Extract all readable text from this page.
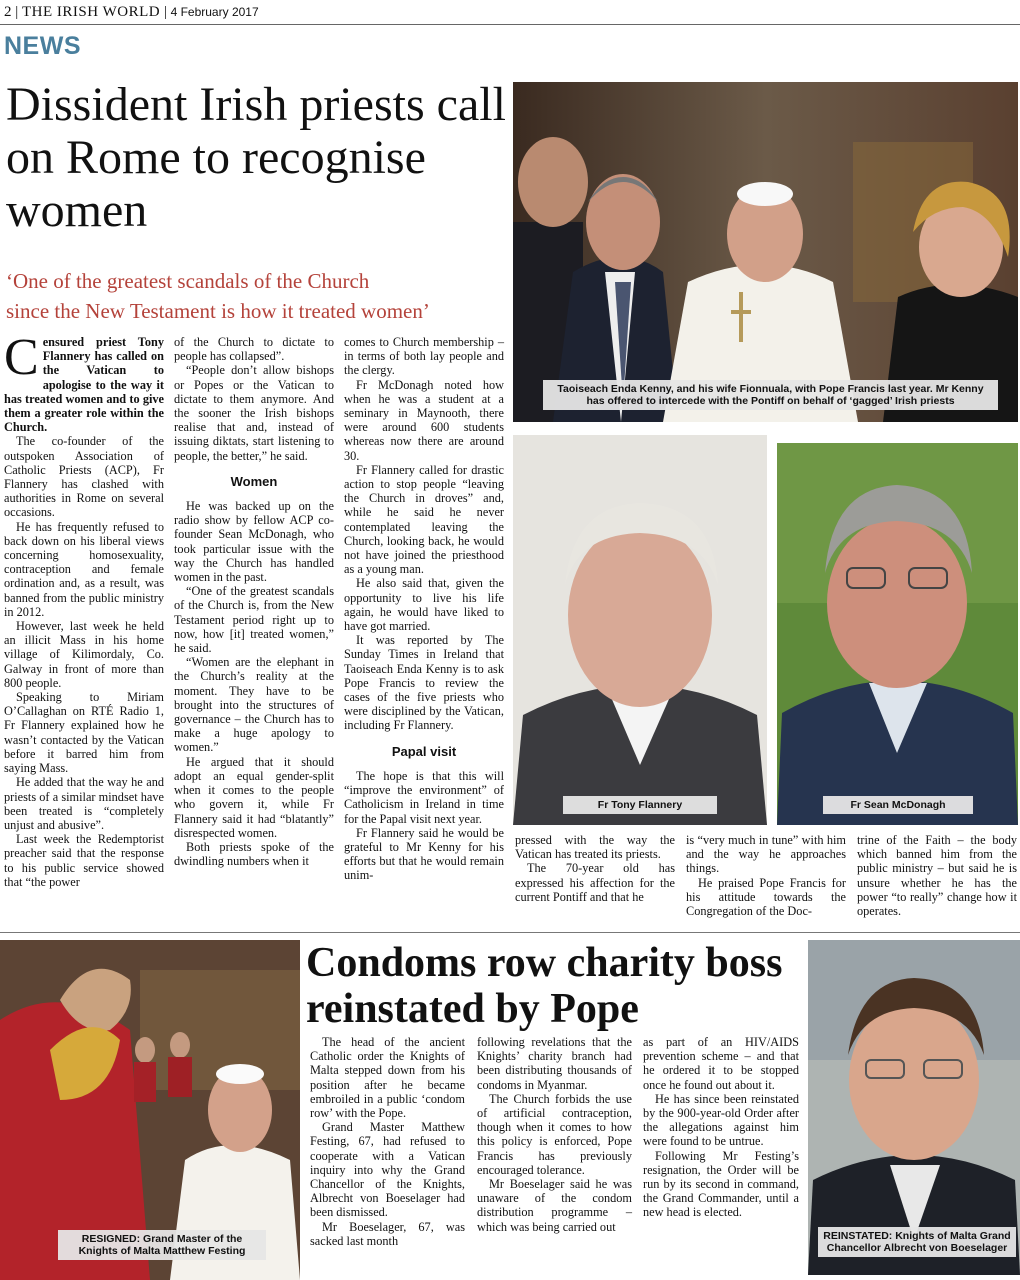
2 | THE IRISH WORLD | 4 February 2017
NEWS
Dissident Irish priests call on Rome to recognise women
‘One of the greatest scandals of the Church
since the New Testament is how it treated women’
Taoiseach Enda Kenny, and his wife Fionnuala, with Pope Francis last year. Mr Kenny has offered to intercede with the Pontiff on behalf of ‘gagged’ Irish priests
Fr Tony Flannery	Fr Sean McDonagh

Censured priest Tony Flannery has called on the Vatican to apologise to the way it has treated women and to give them a greater role within the Church.

The co-founder of the outspoken Association of Catholic Priests (ACP), Fr Flannery has clashed with authorities in Rome on several occasions.

He has frequently refused to back down on his liberal views concerning homosexuality, contraception and female ordination and, as a result, was banned from the public ministry in 2012.

However, last week he held an illicit Mass in his home village of Kilimordaly, Co. Galway in front of more than 800 people.

Speaking to Miriam O’Callaghan on RTÉ Radio 1, Fr Flannery explained how he wasn’t contacted by the Vatican before it barred him from saying Mass.

He added that the way he and priests of a similar mindset have been treated is “completely unjust and abusive”.

Last week the Redemptorist preacher said that the response to his public service showed that “the power

of the Church to dictate to people has collapsed”.

“People don’t allow bishops or Popes or the Vatican to dictate to them anymore. And the sooner the Irish bishops realise that and, instead of issuing diktats, start listening to people, the better,” he said.

Women

He was backed up on the radio show by fellow ACP co-founder Sean McDonagh, who took particular issue with the way the Church has handled women in the past.

“One of the greatest scandals of the Church is, from the New Testament period right up to now, how [it] treated women,” he said.

“Women are the elephant in the Church’s reality at the moment. They have to be brought into the structures of governance – the Church has to make a huge apology to women.”

He argued that it should adopt an equal gender-split when it comes to the people who govern it, while Fr Flannery said it had “blatantly” disrespected women.

Both priests spoke of the dwindling numbers when it

comes to Church membership – in terms of both lay people and the clergy.

Fr McDonagh noted how when he was a student at a seminary in Maynooth, there were around 600 students whereas now there are around 30.

Fr Flannery called for drastic action to stop people “leaving the Church in droves” and, while he said he never contemplated leaving the Church, looking back, he would not have joined the priesthood as a young man.

He also said that, given the opportunity to live his life again, he would have liked to have got married.

It was reported by The Sunday Times in Ireland that Taoiseach Enda Kenny is to ask Pope Francis to review the cases of the five priests who were disciplined by the Vatican, including Fr Flannery.

Papal visit

The hope is that this will “improve the environment” of Catholicism in Ireland in time for the Papal visit next year.

Fr Flannery said he would be grateful to Mr Kenny for his efforts but that he would remain unim-

pressed with the way the Vatican has treated its priests.

The 70-year old has expressed his affection for the current Pontiff and that he

is “very much in tune” with him and the way he approaches things.

He praised Pope Francis for his attitude towards the Congregation of the Doc-

trine of the Faith – the body which banned him from the public ministry – but said he is unsure whether he has the power “to really” change how it operates.

RESIGNED: Grand Master of the Knights of Malta Matthew Festing
Condoms row charity boss reinstated by Pope

The head of the ancient Catholic order the Knights of Malta stepped down from his position after he became embroiled in a public ‘condom row’ with the Pope.

Grand Master Matthew Festing, 67, had refused to cooperate with a Vatican inquiry into why the Grand Chancellor of the Knights, Albrecht von Boeselager had been dismissed.

Mr Boeselager, 67, was sacked last month

following revelations that the Knights’ charity branch had been distributing thousands of condoms in Myanmar.

The Church forbids the use of artificial contraception, though when it comes to how this policy is enforced, Pope Francis has previously encouraged tolerance.

Mr Boeselager said he was unaware of the condom distribution programme – which was being carried out

as part of an HIV/AIDS prevention scheme – and that he ordered it to be stopped once he found out about it.

He has since been reinstated by the 900-year-old Order after the allegations against him were found to be untrue.

Following Mr Festing’s resignation, the Order will be run by its second in command, the Grand Commander, until a new head is elected.

REINSTATED: Knights of Malta Grand Chancellor Albrecht von Boeselager
